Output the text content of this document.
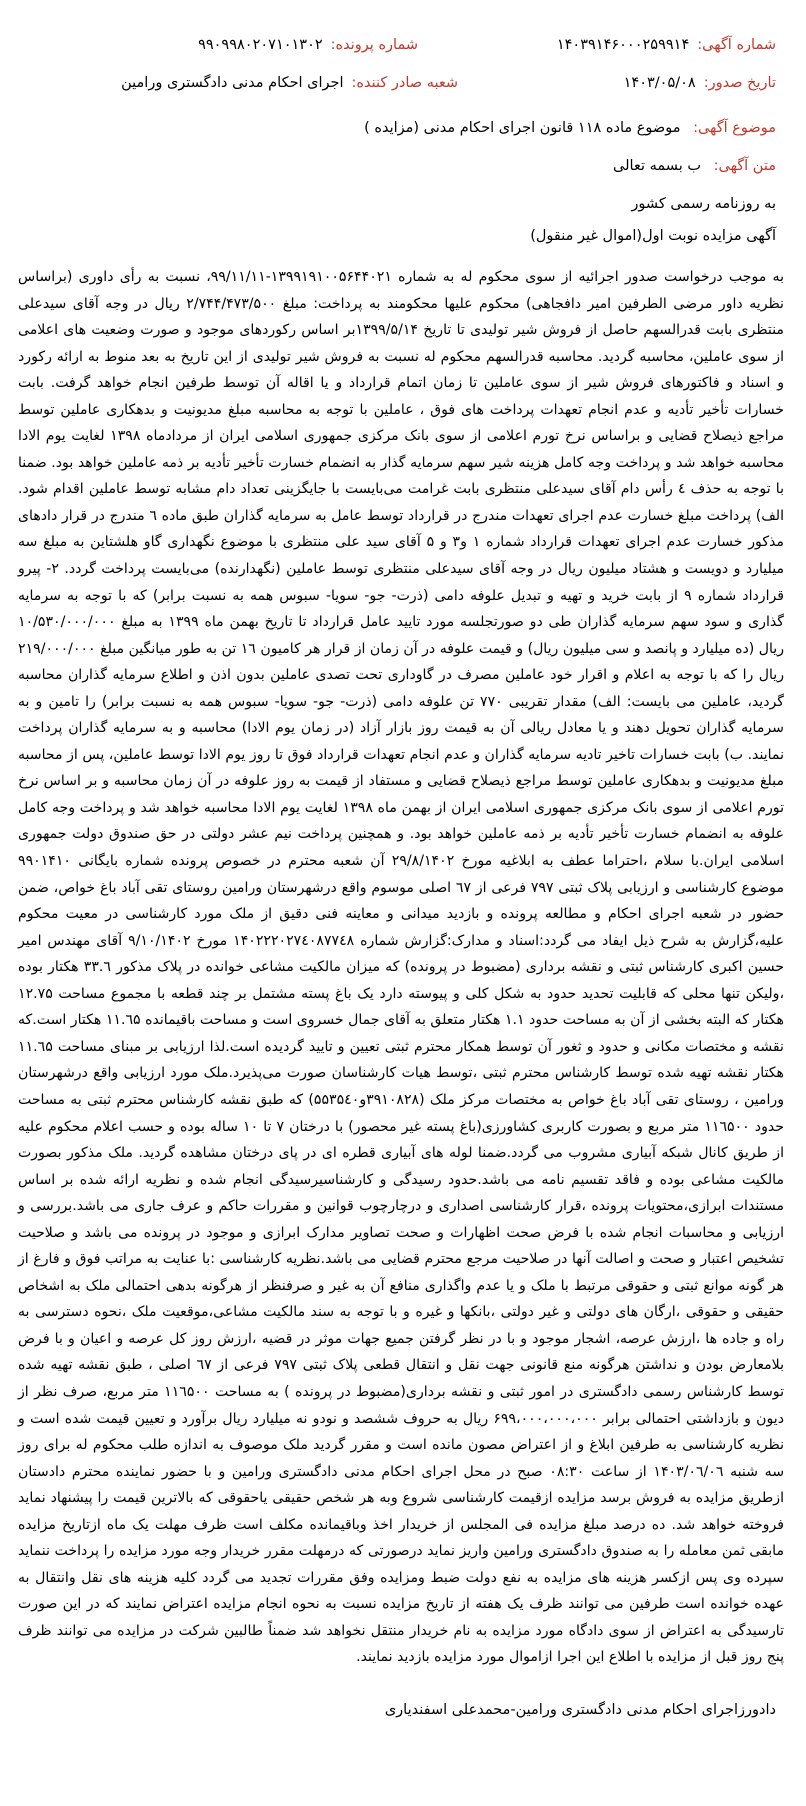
شماره آگهی:
۱۴۰۳۹۱۴۶۰۰۰۲۵۹۹۱۴
شماره پرونده:
۹۹۰۹۹۸۰۲۰۷۱۰۱۳۰۲
تاریخ صدور:
۱۴۰۳/۰۵/۰۸
شعبه صادر کننده:
اجرای احکام مدنی دادگستری ورامین
موضوع آگهی: موضوع ماده ۱۱۸ قانون اجرای احکام مدنی (مزایده )
متن آگهی: ب بسمه تعالی
به روزنامه رسمی کشور
آگهی مزایده نوبت اول(اموال غیر منقول)
به موجب درخواست صدور اجرائیه از سوی محکوم له به شماره ۱۳۹۹۱۹۱۰۰۵۶۴۴۰۲۱-۹۹/۱۱/۱۱، نسبت به رأی داوری (براساس نظریه داور مرضی الطرفین امیر دافجاهی) محکوم علیها محکومند به پرداخت: مبلغ ۲/۷۴۴/۴۷۳/۵۰۰ ریال در وجه آقای سیدعلی منتظری بابت قدرالسهم حاصل از فروش شیر تولیدی تا تاریخ ۱۳۹۹/۵/۱۴بر اساس رکوردهای موجود و صورت وضعیت های اعلامی از سوی عاملین، محاسبه گردید. محاسبه قدرالسهم محکوم له نسبت به فروش شیر تولیدی از این تاریخ به بعد منوط به ارائه رکورد و اسناد و فاکتورهای فروش شیر از سوی عاملین تا زمان اتمام قرارداد و یا اقاله آن توسط طرفین انجام خواهد گرفت. بابت خسارات تأخیر تأدیه و عدم انجام تعهدات پرداخت های فوق ، عاملین با توجه به محاسبه مبلغ مدیونیت و بدهکاری عاملین توسط مراجع ذیصلاح قضایی و براساس نرخ تورم اعلامی از سوی بانک مرکزی جمهوری اسلامی ایران از مردادماه ۱۳۹۸ لغایت یوم الادا محاسبه خواهد شد و پرداخت وجه کامل هزینه شیر سهم سرمایه گذار به انضمام خسارت تأخیر تأدیه بر ذمه عاملین خواهد بود. ضمنا با توجه به حذف ٤ رأس دام آقای سیدعلی منتظری بابت غرامت می‌بایست با جایگزینی تعداد دام مشابه توسط عاملین اقدام شود. الف) پرداخت مبلغ خسارت عدم اجرای تعهدات مندرج در قرارداد توسط عامل به سرمایه گذاران طبق ماده ٦ مندرج در قرار دادهای مذکور خسارت عدم اجرای تعهدات قرارداد شماره ۱ و۳ و ۵ آقای سید علی منتظری با موضوع نگهداری گاو هلشتاین به مبلغ سه میلیارد و دویست و هشتاد میلیون ریال در وجه آقای سیدعلی منتظری توسط عاملین (نگهدارنده) می‌بایست پرداخت گردد. ۲- پیرو قرارداد شماره ۹ از بابت خرید و تهیه و تبدیل علوفه دامی (ذرت- جو- سویا- سبوس همه به نسبت برابر) که با توجه به سرمایه گذاری و سود سهم سرمایه گذاران طی دو صورتجلسه مورد تایید عامل قرارداد تا تاریخ بهمن ماه ۱۳۹۹ به مبلغ ۱۰/۵۳۰/۰۰۰/۰۰۰ ریال (ده میلیارد و پانصد و سی میلیون ریال) و قیمت علوفه در آن زمان از قرار هر کامیون ۱٦ تن به طور میانگین مبلغ ۲۱۹/۰۰۰/۰۰۰ ریال را که با توجه به اعلام و اقرار خود عاملین مصرف در گاوداری تحت تصدی عاملین بدون اذن و اطلاع سرمایه گذاران محاسبه گردید، عاملین می بایست: الف) مقدار تقریبی ۷۷۰ تن علوفه دامی (ذرت- جو- سویا- سبوس همه به نسبت برابر) را تامین و به سرمایه گذاران تحویل دهند و یا معادل ریالی آن به قیمت روز بازار آزاد (در زمان یوم الادا) محاسبه و به سرمایه گذاران پرداخت نمایند. ب) بابت خسارات تاخیر تادیه سرمایه گذاران و عدم انجام تعهدات قرارداد فوق تا روز یوم الادا توسط عاملین، پس از محاسبه مبلغ مدیونیت و بدهکاری عاملین توسط مراجع ذیصلاح قضایی و مستفاد از قیمت به روز علوفه در آن زمان محاسبه و بر اساس نرخ تورم اعلامی از سوی بانک مرکزی جمهوری اسلامی ایران از بهمن ماه ۱۳۹۸ لغایت یوم الادا محاسبه خواهد شد و پرداخت وجه کامل علوفه به انضمام خسارت تأخیر تأدیه بر ذمه عاملین خواهد بود. و همچنین پرداخت نیم عشر دولتی در حق صندوق دولت جمهوری اسلامی ایران.با سلام ،احتراما عطف به ابلاغیه مورخ ۲۹/۸/۱۴۰۲ آن شعبه محترم در خصوص پرونده شماره بایگانی ۹۹۰۱۴۱۰ موضوع کارشناسی و ارزیابی پلاک ثبتی ۷۹۷ فرعی از ٦۷ اصلی موسوم واقع درشهرستان ورامین روستای تقی آباد باغ خواص، ضمن حضور در شعبه اجرای احکام و مطالعه پرونده و بازدید میدانی و معاینه فنی دقیق از ملک مورد کارشناسی در معیت محکوم علیه،گزارش به شرح ذیل ایفاد می گردد:اسناد و مدارک:گزارش شماره ۱۴۰۲۲۲۰۲۷٤۰۸۷۷٤۸ مورخ ۹/۱۰/۱۴۰۲ آقای مهندس امیر حسین اکبری کارشناس ثبتی و نقشه برداری (مضبوط در پرونده) که میزان مالکیت مشاعی خوانده در پلاک مذکور ۳۳.٦ هکتار بوده ،ولیکن تنها محلی که قابلیت تحدید حدود به شکل کلی و پیوسته دارد یک باغ پسته مشتمل بر چند قطعه با مجموع مساحت ۱۲.۷۵ هکتار که البته بخشی از آن به مساحت حدود ۱.۱ هکتار متعلق به آقای جمال خسروی است و مساحت باقیمانده ۱۱.٦۵ هکتار است.که نقشه و مختصات مکانی و حدود و ثغور آن توسط همکار محترم ثبتی تعیین و تایید گردیده است.لذا ارزیابی بر مبنای مساحت ۱۱.٦۵ هکتار نقشه تهیه شده توسط کارشناس محترم ثبتی ،توسط هیات کارشناسان صورت می‌پذیرد.ملک مورد ارزیابی واقع درشهرستان ورامین ، روستای تقی آباد باغ خواص به مختصات مرکز ملک (۳۹۱۰۸۲۸و۵۵۳۵٤۰) که طبق نقشه کارشناس محترم ثبتی به مساحت حدود ۱۱٦۵۰۰ متر مربع و بصورت کاربری کشاورزی(باغ پسته غیر محصور) با درختان ۷ تا ۱۰ ساله بوده و حسب اعلام محکوم علیه از طریق کانال شبکه آبیاری مشروب می گردد.ضمنا لوله های آبیاری قطره ای در پای درختان مشاهده گردید. ملک مذکور بصورت مالکیت مشاعی بوده و فاقد تقسیم نامه می باشد.حدود رسیدگی و کارشناسیرسیدگی انجام شده و نظریه ارائه شده بر اساس مستندات ابرازی،محتویات پرونده ،قرار کارشناسی اصداری و درچارچوب قوانین و مقررات حاکم و عرف جاری می باشد.بررسی و ارزیابی و محاسبات انجام شده با فرض صحت اظهارات و صحت تصاویر مدارک ابرازی و موجود در پرونده می باشد و صلاحیت تشخیص اعتبار و صحت و اصالت آنها در صلاحیت مرجع محترم قضایی می باشد.نظریه کارشناسی :با عنایت به مراتب فوق و فارغ از هر گونه موانع ثبتی و حقوقی مرتبط با ملک و یا عدم واگذاری منافع آن به غیر و صرفنظر از هرگونه بدهی احتمالی ملک به اشخاص حقیقی و حقوقی ،ارگان های دولتی و غیر دولتی ،بانکها و غیره و با توجه به سند مالکیت مشاعی،موقعیت ملک ،نحوه دسترسی به راه و جاده ها ،ارزش عرصه، اشجار موجود و با در نظر گرفتن جمیع جهات موثر در قضیه ،ارزش روز کل عرصه و اعیان و با فرض بلامعارض بودن و نداشتن هرگونه منع قانونی جهت نقل و انتقال قطعی پلاک ثبتی ۷۹۷ فرعی از ٦۷ اصلی ، طبق نقشه تهیه شده توسط کارشناس رسمی دادگستری در امور ثبتی و نقشه برداری(مضبوط در پرونده ) به مساحت ۱۱٦۵۰۰ متر مربع، صرف نظر از دیون و بازداشتی احتمالی برابر ۶۹۹،۰۰۰،۰۰۰،۰۰۰ ریال به حروف ششصد و نودو نه میلیارد ریال برآورد و تعیین قیمت شده است و نظریه کارشناسی به طرفین ابلاغ و از اعتراض مصون مانده است و مقرر گردید ملک موصوف به اندازه طلب محکوم له برای روز سه شنبه ۱۴۰۳/۰٦/۰٦ از ساعت ۰۸:۳۰ صبح در محل اجرای احکام مدنی دادگستری ورامین و با حضور نماینده محترم دادستان ازطریق مزایده به فروش برسد مزایده ازقیمت کارشناسی شروع وبه هر شخص حقیقی یاحقوقی که بالاترین قیمت را پیشنهاد نماید فروخته خواهد شد. ده درصد مبلغ مزایده فی المجلس از خریدار اخذ وباقیمانده مکلف است ظرف مهلت یک ماه ازتاریخ مزایده مابقی ثمن معامله را به صندوق دادگستری ورامین واریز نماید درصورتی که درمهلت مقرر خریدار وجه مورد مزایده را پرداخت ننماید سپرده وی پس ازکسر هزینه های مزایده به نفع دولت ضبط ومزایده وفق مقررات تجدید می گردد کلیه هزینه های نقل وانتقال به عهده خوانده است طرفین می توانند ظرف یک هفته از تاریخ مزایده نسبت به نحوه انجام مزایده اعتراض نمایند که در این صورت تارسیدگی به اعتراض از سوی دادگاه مورد مزایده به نام خریدار منتقل نخواهد شد ضمناً طالبین شرکت در مزایده می توانند ظرف پنج روز قبل از مزایده با اطلاع این اجرا ازاموال مورد مزایده بازدید نمایند.
دادورزاجرای احکام مدنی دادگستری ورامین-محمدعلی اسفندیاری
